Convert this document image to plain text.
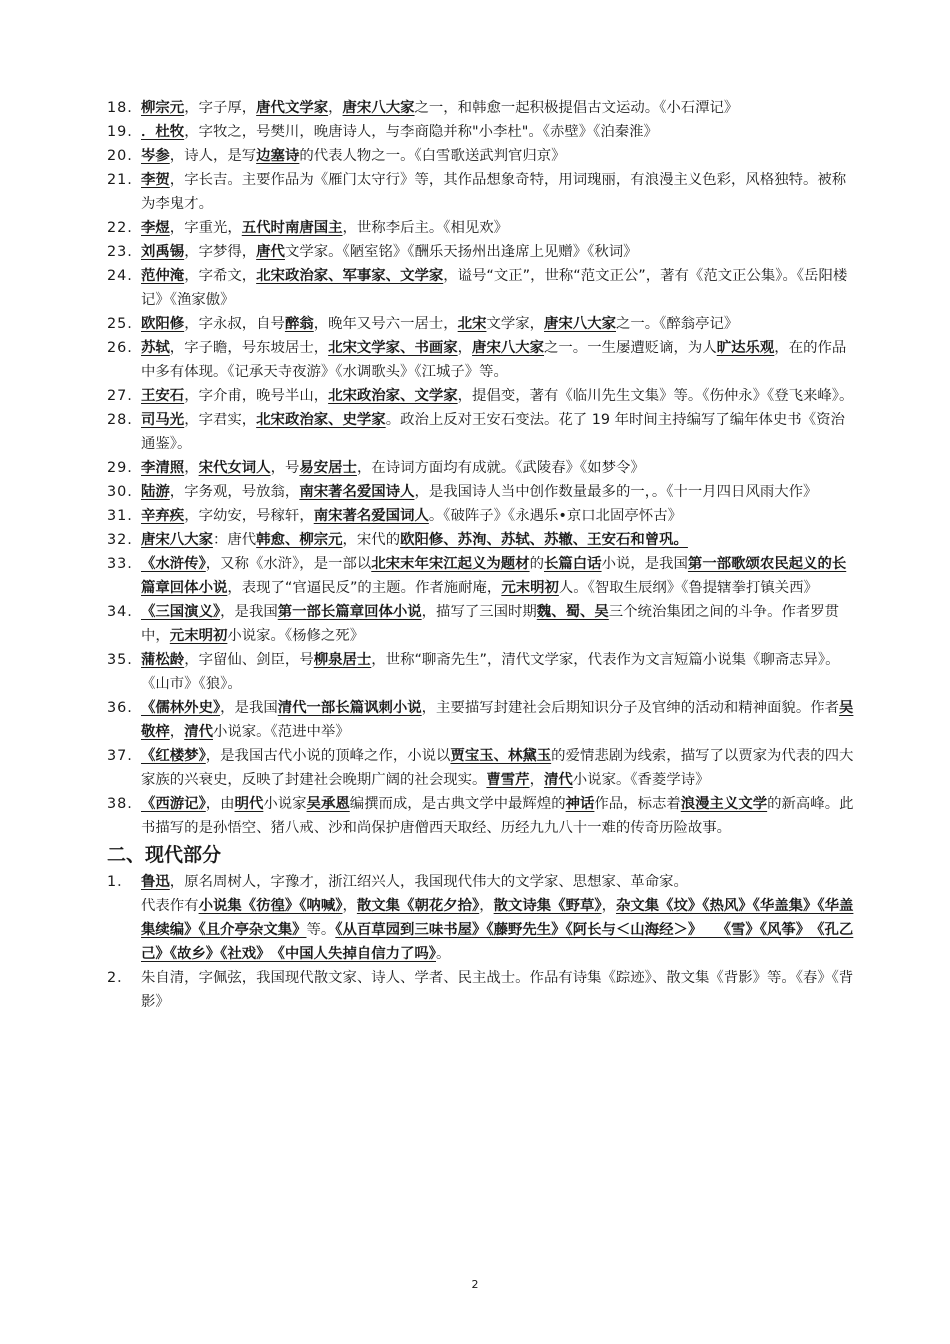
18. 柳宗元，字子厚，唐代文学家，唐宋八大家之一，和韩愈一起积极提倡古文运动。《小石潭记》
19. ．杜牧，字牧之，号樊川，晚唐诗人，与李商隐并称"小李杜"。《赤壁》《泊秦淮》
20. 岑参，诗人，是写边塞诗的代表人物之一。《白雪歌送武判官归京》
21. 李贺，字长吉。主要作品为《雁门太守行》等，其作品想象奇特，用词瑰丽，有浪漫主义色彩，风格独特。被称为李鬼才。
22. 李煜，字重光，五代时南唐国主，世称李后主。《相见欢》
23. 刘禹锡，字梦得，唐代文学家。《陋室铭》《酬乐天扬州出逢席上见赠》《秋词》
24. 范仲淹，字希文，北宋政治家、军事家、文学家，谥号“文正”，世称“范文正公”，著有《范文正公集》。《岳阳楼记》《渔家傲》
25. 欧阳修，字永叔，自号醉翁，晚年又号六一居士，北宋文学家，唐宋八大家之一。《醉翁亭记》
26. 苏轼，字子瞻，号东坡居士，北宋文学家、书画家，唐宋八大家之一。一生屡遭贬谪，为人旷达乐观，在的作品中多有体现。《记承天寺夜游》《水调歌头》《江城子》等。
27. 王安石，字介甫，晚号半山，北宋政治家、文学家，提倡变，著有《临川先生文集》等。《伤仲永》《登飞来峰》。
28. 司马光，字君实，北宋政治家、史学家。政治上反对王安石变法。花了 19 年时间主持编写了编年体史书《资治通鉴》。
29. 李清照，宋代女词人，号易安居士，在诗词方面均有成就。《武陵春》《如梦令》
30. 陆游，字务观，号放翁，南宋著名爱国诗人，是我国诗人当中创作数量最多的一，。《十一月四日风雨大作》
31. 辛弃疾，字幼安，号稼轩，南宋著名爱国词人。《破阵子》《永遇乐•京口北固亭怀古》
32. 唐宋八大家：唐代韩愈、柳宗元，宋代的欧阳修、苏洵、苏轼、苏辙、王安石和曾巩。
33. 《水浒传》，又称《水浒》，是一部以北宋末年宋江起义为题材的长篇白话小说，是我国第一部歌颂农民起义的长篇章回体小说，表现了“官逼民反”的主题。作者施耐庵，元末明初人。《智取生辰纲》《鲁提辖拳打镇关西》
34. 《三国演义》，是我国第一部长篇章回体小说，描写了三国时期魏、蜀、吴三个统治集团之间的斗争。作者罗贯中，元末明初小说家。《杨修之死》
35. 蒲松龄，字留仙、剑臣，号柳泉居士，世称“聊斋先生”，清代文学家，代表作为文言短篇小说集《聊斋志异》。《山市》《狼》。
36. 《儒林外史》，是我国清代一部长篇讽刺小说，主要描写封建社会后期知识分子及官绅的活动和精神面貌。作者吴敬梓，清代小说家。《范进中举》
37. 《红楼梦》，是我国古代小说的顶峰之作，小说以贾宝玉、林黛玉的爱情悲剧为线索，描写了以贾家为代表的四大家族的兴衰史，反映了封建社会晚期广阔的社会现实。曹雪芹，清代小说家。《香菱学诗》
38. 《西游记》，由明代小说家吴承恩编撰而成，是古典文学中最辉煌的神话作品，标志着浪漫主义文学的新高峰。此书描写的是孙悟空、猪八戒、沙和尚保护唐僧西天取经、历经九九八十一难的传奇历险故事。
二、现代部分
1． 鲁迅，原名周树人，字豫才，浙江绍兴人，我国现代伟大的文学家、思想家、革命家。
代表作有小说集《彷徨》《呐喊》，散文集《朝花夕拾》，散文诗集《野草》，杂文集《坟》《热风》《华盖集》《华盖集续编》《且介亭杂文集》等。《从百草园到三味书屋》《藤野先生》《阿长与＜山海经＞》　　《雪》《风筝》　《孔乙己》《故乡》《社戏》　《中国人失掉自信力了吗》。
2． 朱自清，字佩弦，我国现代散文家、诗人、学者、民主战士。作品有诗集《踪迹》、散文集《背影》等。《春》《背影》
2
